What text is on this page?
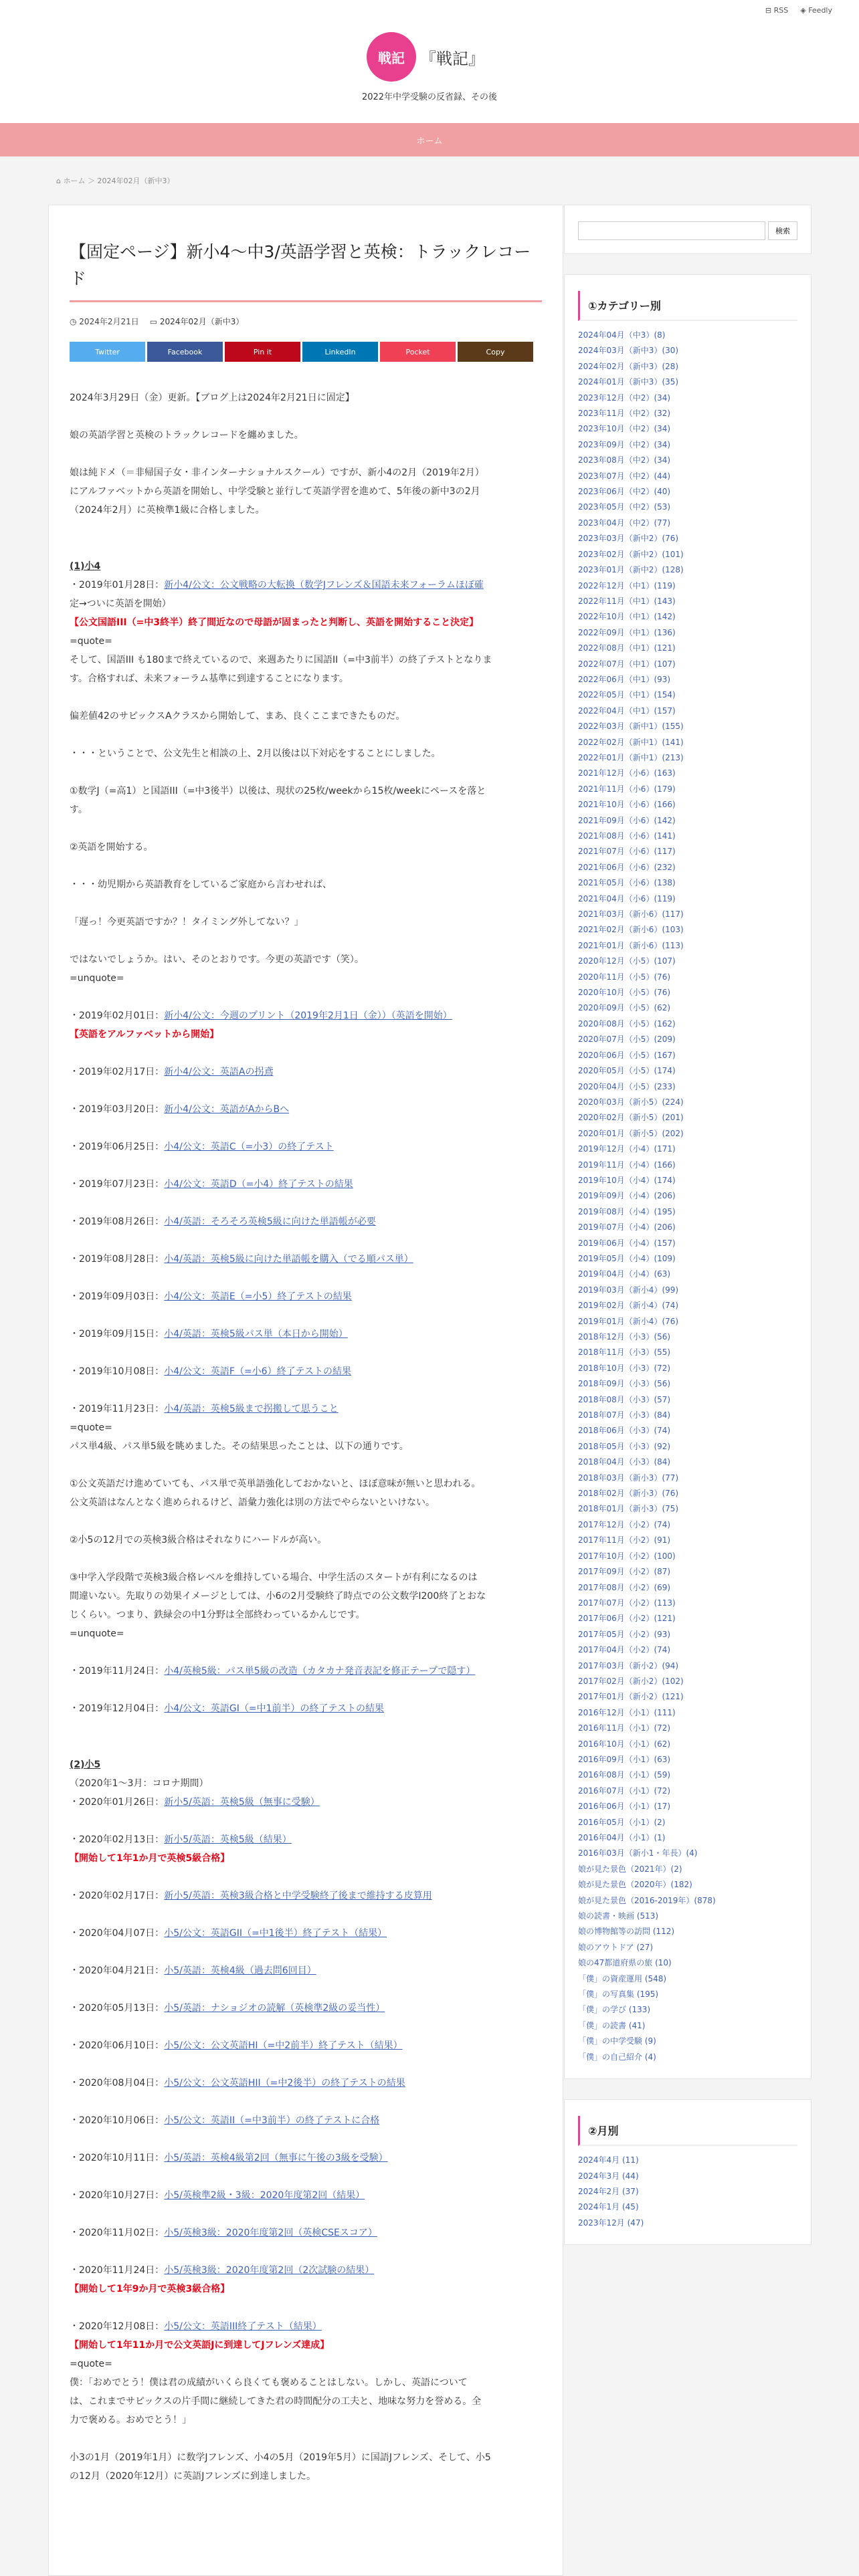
⊟ RSS ◈ Feedly
戦記 『戦記』
2022年中学受験の反省録、その後
ホーム
⌂ ホーム ＞ 2024年02月（新中3）
【固定ページ】新小4〜中3/英語学習と英検：トラックレコード
◷ 2024年2月21日 ▭ 2024年02月（新中3）
Twitter	Facebook	Pin it	LinkedIn	Pocket	Copy
2024年3月29日（金）更新。【ブログ上は2024年2月21日に固定】
娘の英語学習と英検のトラックレコードを纏めました。
娘は純ドメ（＝非帰国子女・非インターナショナルスクール）ですが、新小4の2月（2019年2月）
にアルファベットから英語を開始し、中学受験と並行して英語学習を進めて、5年後の新中3の2月
（2024年2月）に英検準1級に合格しました。
(1)小4
・2019年01月28日：新小4/公文：公文戦略の大転換（数学Jフレンズ＆国語未来フォーラムほぼ確
定→ついに英語を開始）
【公文国語III（=中3終半）終了間近なので母語が固まったと判断し、英語を開始すること決定】
=quote=
そして、国語III も180まで終えているので、来週あたりに国語II（=中3前半）の終了テストとなりま
す。合格すれば、未来フォーラム基準に到達することになります。
偏差値42のサピックスAクラスから開始して、まあ、良くここまできたものだ。
・・・ということで、公文先生と相談の上、2月以後は以下対応をすることにしました。
①数学J（=高1）と国語III（=中3後半）以後は、現状の25枚/weekから15枚/weekにペースを落と
す。
②英語を開始する。
・・・幼児期から英語教育をしているご家庭から言わせれば、
「遅っ！今更英語ですか？！タイミング外してない？」
ではないでしょうか。はい、そのとおりです。今更の英語です（笑）。
=unquote=
・2019年02月01日：新小4/公文：今週のプリント（2019年2月1日（金））（英語を開始）
【英語をアルファベットから開始】
・2019年02月17日：新小4/公文：英語Aの拐鳶
・2019年03月20日：新小4/公文：英語がAからBへ
・2019年06月25日：小4/公文：英語C（=小3）の終了テスト
・2019年07月23日：小4/公文：英語D（=小4）終了テストの結果
・2019年08月26日：小4/英語：そろそろ英検5級に向けた単語帳が必要
・2019年08月28日：小4/英語：英検5級に向けた単語帳を購入（でる順パス単）
・2019年09月03日：小4/公文：英語E（=小5）終了テストの結果
・2019年09月15日：小4/英語：英検5級パス単（本日から開始）
・2019年10月08日：小4/公文：英語F（=小6）終了テストの結果
・2019年11月23日：小4/英語：英検5級まで拐搬して思うこと
=quote=
パス単4級、パス単5級を眺めました。その結果思ったことは、以下の通りです。
①公文英語だけ進めていても、パス単で英単語強化しておかないと、ほぼ意味が無いと思われる。
公文英語はなんとなく進められるけど、語彙力強化は別の方法でやらないといけない。
②小5の12月での英検3級合格はそれなりにハードルが高い。
③中学入学段階で英検3級合格レベルを維持している場合、中学生活のスタートが有利になるのは
間違いない。先取りの効果イメージとしては、小6の2月受験終了時点での公文数学I200終了とおな
じくらい。つまり、鉄緑会の中1分野は全部終わっているかんじです。
=unquote=
・2019年11月24日：小4/英検5級：パス単5級の改造（カタカナ発音表記を修正テープで隠す）
・2019年12月04日：小4/公文：英語GI（=中1前半）の終了テストの結果
(2)小5
（2020年1〜3月：コロナ期間）
・2020年01月26日：新小5/英語：英検5級（無事に受験）
・2020年02月13日：新小5/英語：英検5級（結果）
【開始して1年1か月で英検5級合格】
・2020年02月17日：新小5/英語：英検3級合格と中学受験終了後まで維持する皮算用
・2020年04月07日：小5/公文：英語GII（=中1後半）終了テスト（結果）
・2020年04月21日：小5/英語：英検4級（過去問6回目）
・2020年05月13日：小5/英語：ナショジオの読解（英検準2級の妥当性）
・2020年06月10日：小5/公文：公文英語HI（=中2前半）終了テスト（結果）
・2020年08月04日：小5/公文：公文英語HII（=中2後半）の終了テストの結果
・2020年10月06日：小5/公文：英語II（=中3前半）の終了テストに合格
・2020年10月11日：小5/英語：英検4級第2回（無事に午後の3級を受験）
・2020年10月27日：小5/英検準2級・3級：2020年度第2回（結果）
・2020年11月02日：小5/英検3級：2020年度第2回（英検CSEスコア）
・2020年11月24日：小5/英検3級：2020年度第2回（2次試験の結果）
【開始して1年9か月で英検3級合格】
・2020年12月08日：小5/公文：英語III終了テスト（結果）
【開始して1年11か月で公文英語Jに到達してJフレンズ達成】
=quote=
僕：「おめでとう！僕は君の成績がいくら良くても褒めることはしない。しかし、英語について
は、これまでサピックスの片手間に継続してきた君の時間配分の工夫と、地味な努力を誉める。全
力で褒める。おめでとう！」
小3の1月（2019年1月）に数学Jフレンズ、小4の5月（2019年5月）に国語Jフレンズ、そして、小5
の12月（2020年12月）に英語Jフレンズに到達しました。
検索
①カテゴリー別
2024年04月（中3）(8)
2024年03月（新中3）(30)
2024年02月（新中3）(28)
2024年01月（新中3）(35)
2023年12月（中2）(34)
2023年11月（中2）(32)
2023年10月（中2）(34)
2023年09月（中2）(34)
2023年08月（中2）(34)
2023年07月（中2）(44)
2023年06月（中2）(40)
2023年05月（中2）(53)
2023年04月（中2）(77)
2023年03月（新中2）(76)
2023年02月（新中2）(101)
2023年01月（新中2）(128)
2022年12月（中1）(119)
2022年11月（中1）(143)
2022年10月（中1）(142)
2022年09月（中1）(136)
2022年08月（中1）(121)
2022年07月（中1）(107)
2022年06月（中1）(93)
2022年05月（中1）(154)
2022年04月（中1）(157)
2022年03月（新中1）(155)
2022年02月（新中1）(141)
2022年01月（新中1）(213)
2021年12月（小6）(163)
2021年11月（小6）(179)
2021年10月（小6）(166)
2021年09月（小6）(142)
2021年08月（小6）(141)
2021年07月（小6）(117)
2021年06月（小6）(232)
2021年05月（小6）(138)
2021年04月（小6）(119)
2021年03月（新小6）(117)
2021年02月（新小6）(103)
2021年01月（新小6）(113)
2020年12月（小5）(107)
2020年11月（小5）(76)
2020年10月（小5）(76)
2020年09月（小5）(62)
2020年08月（小5）(162)
2020年07月（小5）(209)
2020年06月（小5）(167)
2020年05月（小5）(174)
2020年04月（小5）(233)
2020年03月（新小5）(224)
2020年02月（新小5）(201)
2020年01月（新小5）(202)
2019年12月（小4）(171)
2019年11月（小4）(166)
2019年10月（小4）(174)
2019年09月（小4）(206)
2019年08月（小4）(195)
2019年07月（小4）(206)
2019年06月（小4）(157)
2019年05月（小4）(109)
2019年04月（小4）(63)
2019年03月（新小4）(99)
2019年02月（新小4）(74)
2019年01月（新小4）(76)
2018年12月（小3）(56)
2018年11月（小3）(55)
2018年10月（小3）(72)
2018年09月（小3）(56)
2018年08月（小3）(57)
2018年07月（小3）(84)
2018年06月（小3）(74)
2018年05月（小3）(92)
2018年04月（小3）(84)
2018年03月（新小3）(77)
2018年02月（新小3）(76)
2018年01月（新小3）(75)
2017年12月（小2）(74)
2017年11月（小2）(91)
2017年10月（小2）(100)
2017年09月（小2）(87)
2017年08月（小2）(69)
2017年07月（小2）(113)
2017年06月（小2）(121)
2017年05月（小2）(93)
2017年04月（小2）(74)
2017年03月（新小2）(94)
2017年02月（新小2）(102)
2017年01月（新小2）(121)
2016年12月（小1）(111)
2016年11月（小1）(72)
2016年10月（小1）(62)
2016年09月（小1）(63)
2016年08月（小1）(59)
2016年07月（小1）(72)
2016年06月（小1）(17)
2016年05月（小1）(2)
2016年04月（小1）(1)
2016年03月（新小1・年長）(4)
娘が見た景色（2021年）(2)
娘が見た景色（2020年）(182)
娘が見た景色（2016-2019年）(878)
娘の読書・映画 (513)
娘の博物館等の訪問 (112)
娘のアウトドア (27)
娘の47都道府県の旅 (10)
「僕」の資産運用 (548)
「僕」の写真集 (195)
「僕」の学び (133)
「僕」の読書 (41)
「僕」の中学受験 (9)
「僕」の自己紹介 (4)
②月別
2024年4月 (11)
2024年3月 (44)
2024年2月 (37)
2024年1月 (45)
2023年12月 (47)
